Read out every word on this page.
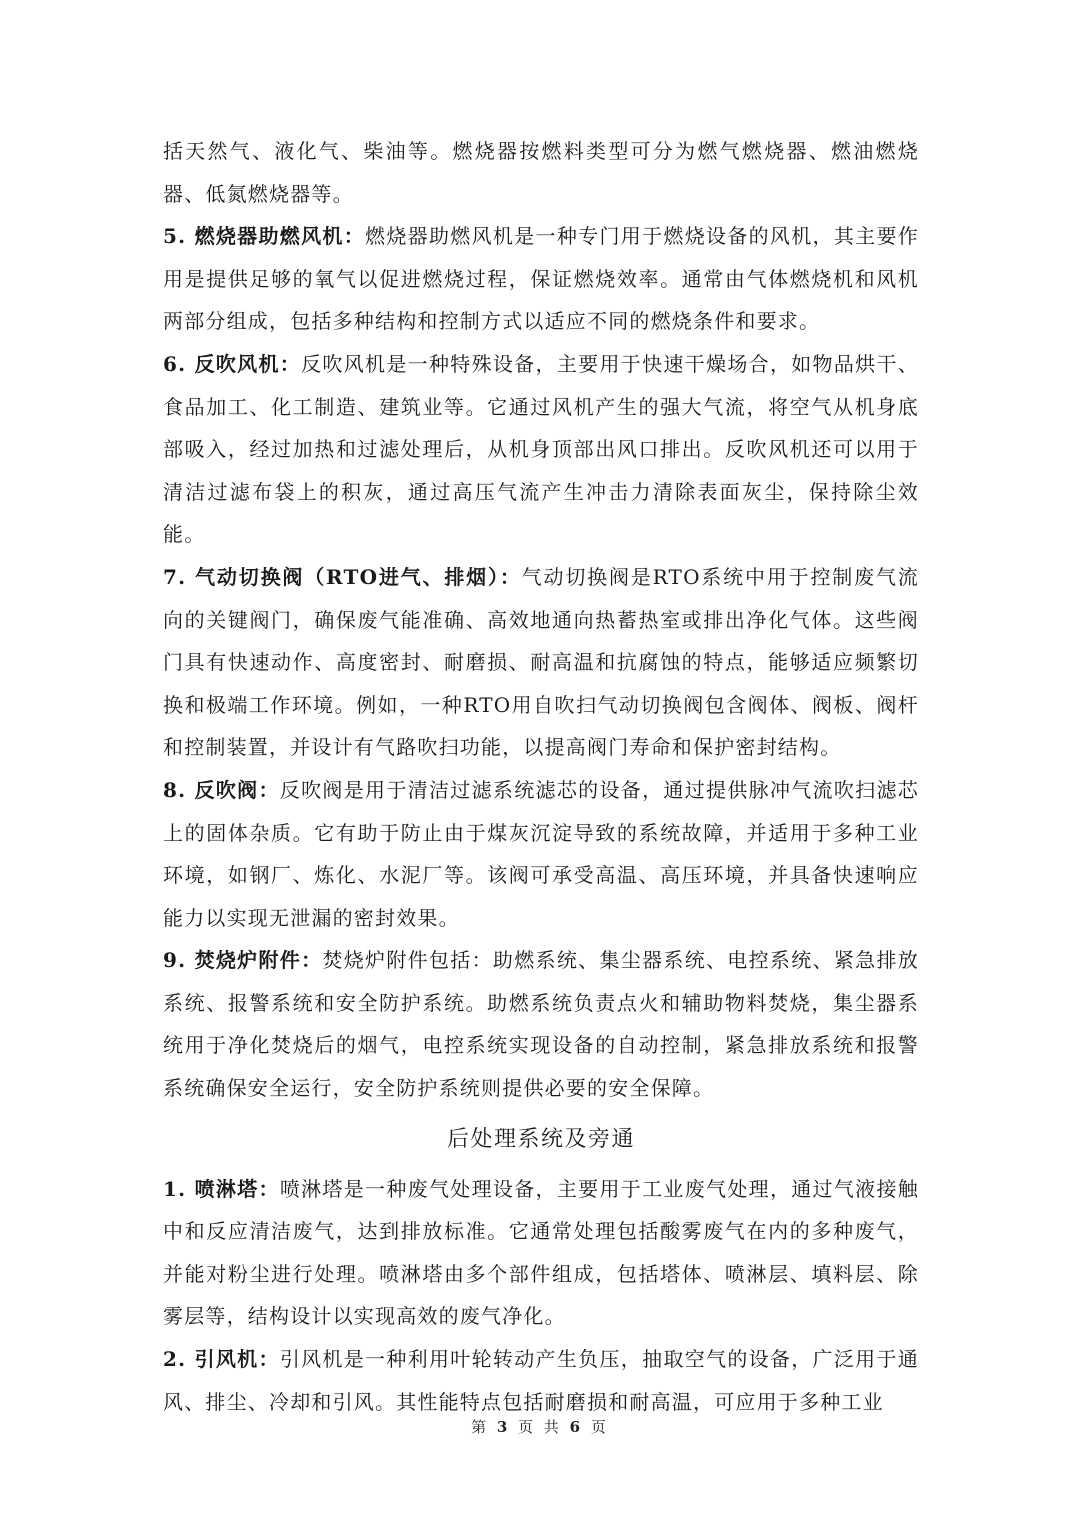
括天然气、液化气、柴油等。燃烧器按燃料类型可分为燃气燃烧器、燃油燃烧器、低氮燃烧器等。

5. 燃烧器助燃风机：燃烧器助燃风机是一种专门用于燃烧设备的风机，其主要作用是提供足够的氧气以促进燃烧过程，保证燃烧效率。通常由气体燃烧机和风机两部分组成，包括多种结构和控制方式以适应不同的燃烧条件和要求。

6. 反吹风机：反吹风机是一种特殊设备，主要用于快速干燥场合，如物品烘干、食品加工、化工制造、建筑业等。它通过风机产生的强大气流，将空气从机身底部吸入，经过加热和过滤处理后，从机身顶部出风口排出。反吹风机还可以用于清洁过滤布袋上的积灰，通过高压气流产生冲击力清除表面灰尘，保持除尘效能。

7. 气动切换阀（RTO进气、排烟）：气动切换阀是RTO系统中用于控制废气流向的关键阀门，确保废气能准确、高效地通向热蓄热室或排出净化气体。这些阀门具有快速动作、高度密封、耐磨损、耐高温和抗腐蚀的特点，能够适应频繁切换和极端工作环境。例如，一种RTO用自吹扫气动切换阀包含阀体、阀板、阀杆和控制装置，并设计有气路吹扫功能，以提高阀门寿命和保护密封结构。

8. 反吹阀：反吹阀是用于清洁过滤系统滤芯的设备，通过提供脉冲气流吹扫滤芯上的固体杂质。它有助于防止由于煤灰沉淀导致的系统故障，并适用于多种工业环境，如钢厂、炼化、水泥厂等。该阀可承受高温、高压环境，并具备快速响应能力以实现无泄漏的密封效果。

9. 焚烧炉附件：焚烧炉附件包括：助燃系统、集尘器系统、电控系统、紧急排放系统、报警系统和安全防护系统。助燃系统负责点火和辅助物料焚烧，集尘器系统用于净化焚烧后的烟气，电控系统实现设备的自动控制，紧急排放系统和报警系统确保安全运行，安全防护系统则提供必要的安全保障。

后处理系统及旁通

1. 喷淋塔：喷淋塔是一种废气处理设备，主要用于工业废气处理，通过气液接触中和反应清洁废气，达到排放标准。它通常处理包括酸雾废气在内的多种废气，并能对粉尘进行处理。喷淋塔由多个部件组成，包括塔体、喷淋层、填料层、除雾层等，结构设计以实现高效的废气净化。

2. 引风机：引风机是一种利用叶轮转动产生负压，抽取空气的设备，广泛用于通风、排尘、冷却和引风。其性能特点包括耐磨损和耐高温，可应用于多种工业

第 3 页 共 6 页
